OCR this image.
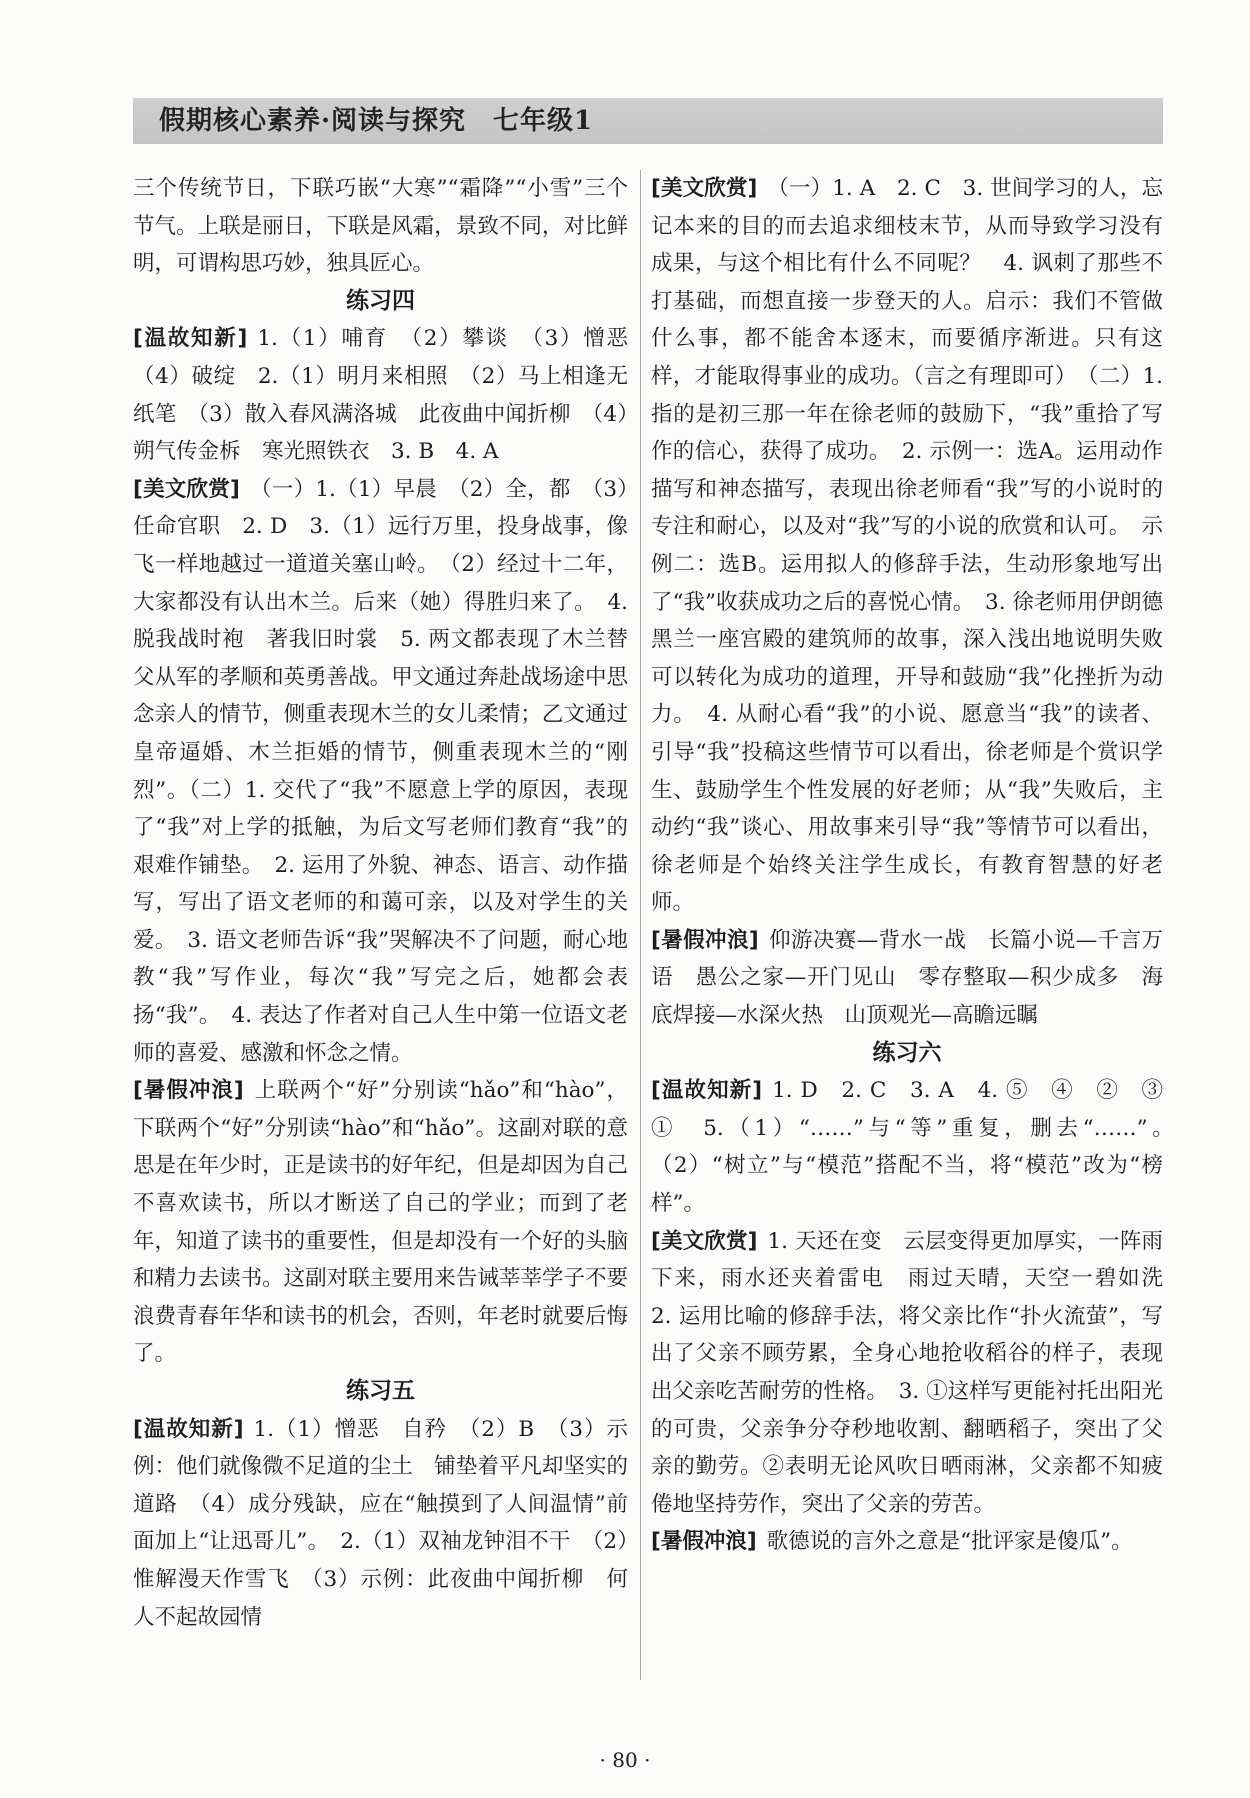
假期核心素养·阅读与探究　七年级1

三个传统节日，下联巧嵌“大寒”“霜降”“小雪”三个节气。上联是丽日，下联是风霜，景致不同，对比鲜明，可谓构思巧妙，独具匠心。

练习四

[温故知新] 1.（1）哺育　（2）攀谈　（3）憎恶　（4）破绽　2.（1）明月来相照　（2）马上相逢无纸笔　（3）散入春风满洛城　此夜曲中闻折柳　（4）朔气传金柝　寒光照铁衣　3. B　4. A

[美文欣赏] （一）1.（1）早晨　（2）全，都　（3）任命官职　2. D　3.（1）远行万里，投身战事，像飞一样地越过一道道关塞山岭。　（2）经过十二年，大家都没有认出木兰。后来（她）得胜归来了。　4. 脱我战时袍　著我旧时裳　5. 两文都表现了木兰替父从军的孝顺和英勇善战。甲文通过奔赴战场途中思念亲人的情节，侧重表现木兰的女儿柔情；乙文通过皇帝逼婚、木兰拒婚的情节，侧重表现木兰的“刚烈”。（二）1. 交代了“我”不愿意上学的原因，表现了“我”对上学的抵触，为后文写老师们教育“我”的艰难作铺垫。　2. 运用了外貌、神态、语言、动作描写，写出了语文老师的和蔼可亲，以及对学生的关爱。　3. 语文老师告诉“我”哭解决不了问题，耐心地教“我”写作业，每次“我”写完之后，她都会表扬“我”。　4. 表达了作者对自己人生中第一位语文老师的喜爱、感激和怀念之情。

[暑假冲浪] 上联两个“好”分别读“hǎo”和“hào”，下联两个“好”分别读“hào”和“hǎo”。这副对联的意思是在年少时，正是读书的好年纪，但是却因为自己不喜欢读书，所以才断送了自己的学业；而到了老年，知道了读书的重要性，但是却没有一个好的头脑和精力去读书。这副对联主要用来告诫莘莘学子不要浪费青春年华和读书的机会，否则，年老时就要后悔了。

练习五

[温故知新] 1.（1）憎恶　自矜　（2）B　（3）示例：他们就像微不足道的尘土　铺垫着平凡却坚实的道路　（4）成分残缺，应在“触摸到了人间温情”前面加上“让迅哥儿”。　2.（1）双袖龙钟泪不干　（2）惟解漫天作雪飞　（3）示例：此夜曲中闻折柳　何人不起故园情

[美文欣赏] （一）1. A　2. C　3. 世间学习的人，忘记本来的目的而去追求细枝末节，从而导致学习没有成果，与这个相比有什么不同呢？　4. 讽刺了那些不打基础，而想直接一步登天的人。启示：我们不管做什么事，都不能舍本逐末，而要循序渐进。只有这样，才能取得事业的成功。（言之有理即可）　（二）1. 指的是初三那一年在徐老师的鼓励下，“我”重拾了写作的信心，获得了成功。　2. 示例一：选A。运用动作描写和神态描写，表现出徐老师看“我”写的小说时的专注和耐心，以及对“我”写的小说的欣赏和认可。　示例二：选B。运用拟人的修辞手法，生动形象地写出了“我”收获成功之后的喜悦心情。　3. 徐老师用伊朗德黑兰一座宫殿的建筑师的故事，深入浅出地说明失败可以转化为成功的道理，开导和鼓励“我”化挫折为动力。　4. 从耐心看“我”的小说、愿意当“我”的读者、引导“我”投稿这些情节可以看出，徐老师是个赏识学生、鼓励学生个性发展的好老师；从“我”失败后，主动约“我”谈心、用故事来引导“我”等情节可以看出，徐老师是个始终关注学生成长，有教育智慧的好老师。

[暑假冲浪] 仰游决赛—背水一战　长篇小说—千言万语　愚公之家—开门见山　零存整取—积少成多　海底焊接—水深火热　山顶观光—高瞻远瞩

练习六

[温故知新] 1. D　2. C　3. A　4. ⑤　④　②　③　①　5.（1）“……”与“等”重复，删去“……”。　（2）“树立”与“模范”搭配不当，将“模范”改为“榜样”。

[美文欣赏] 1. 天还在变　云层变得更加厚实，一阵雨下来，雨水还夹着雷电　雨过天晴，天空一碧如洗　2. 运用比喻的修辞手法，将父亲比作“扑火流萤”，写出了父亲不顾劳累，全身心地抢收稻谷的样子，表现出父亲吃苦耐劳的性格。　3. ①这样写更能衬托出阳光的可贵，父亲争分夺秒地收割、翻晒稻子，突出了父亲的勤劳。②表明无论风吹日晒雨淋，父亲都不知疲倦地坚持劳作，突出了父亲的劳苦。

[暑假冲浪] 歌德说的言外之意是“批评家是傻瓜”。

· 80 ·
